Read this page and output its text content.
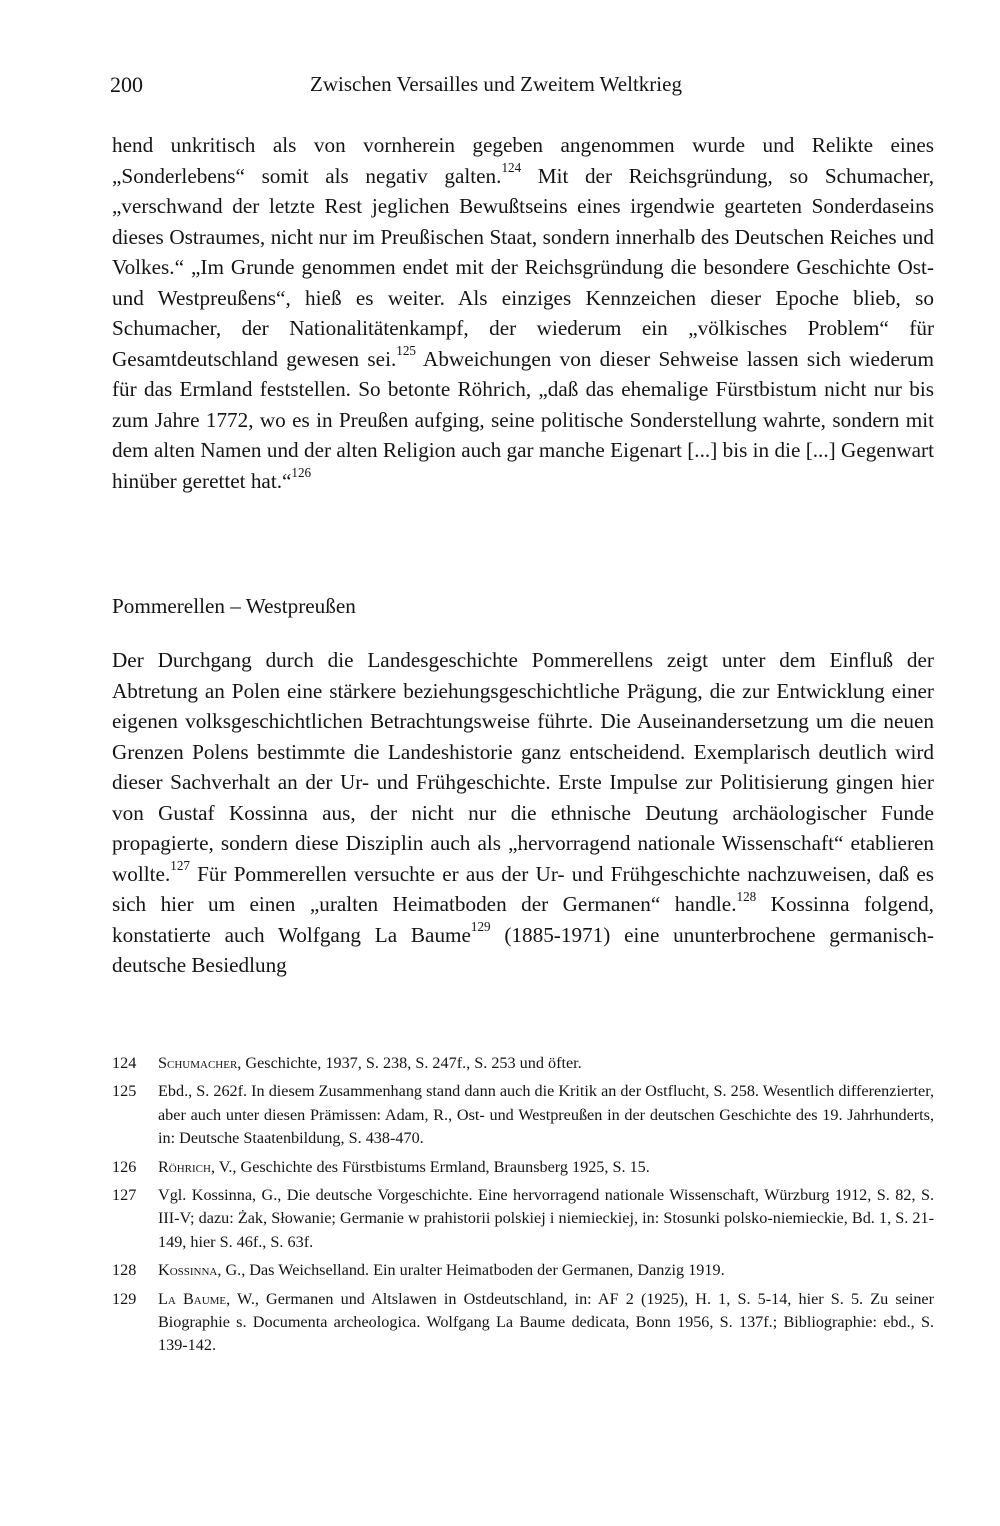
200	Zwischen Versailles und Zweitem Weltkrieg

hend unkritisch als von vornherein gegeben angenommen wurde und Relikte eines „Sonderlebens“ somit als negativ galten.$^{124}$ Mit der Reichsgründung, so Schumacher, „verschwand der letzte Rest jeglichen Bewußtseins eines irgendwie gearteten Sonderdaseins dieses Ostraumes, nicht nur im Preußischen Staat, sondern innerhalb des Deutschen Reiches und Volkes.“ „Im Grunde genommen endet mit der Reichsgründung die besondere Geschichte Ost- und Westpreußens“, hieß es weiter. Als einziges Kennzeichen dieser Epoche blieb, so Schumacher, der Nationalitätenkampf, der wiederum ein „völkisches Problem“ für Gesamtdeutschland gewesen sei.$^{125}$ Abweichungen von dieser Sehweise lassen sich wiederum für das Ermland feststellen. So betonte Röhrich, „daß das ehemalige Fürstbistum nicht nur bis zum Jahre 1772, wo es in Preußen aufging, seine politische Sonderstellung wahrte, sondern mit dem alten Namen und der alten Religion auch gar manche Eigenart [...] bis in die [...] Gegenwart hinüber gerettet hat.“$^{126}$

Pommerellen – Westpreußen

Der Durchgang durch die Landesgeschichte Pommerellens zeigt unter dem Einfluß der Abtretung an Polen eine stärkere beziehungsgeschichtliche Prägung, die zur Entwicklung einer eigenen volksgeschichtlichen Betrachtungsweise führte. Die Auseinandersetzung um die neuen Grenzen Polens bestimmte die Landeshistorie ganz entscheidend. Exemplarisch deutlich wird dieser Sachverhalt an der Ur- und Frühgeschichte. Erste Impulse zur Politisierung gingen hier von Gustaf Kossinna aus, der nicht nur die ethnische Deutung archäologischer Funde propagierte, sondern diese Disziplin auch als „hervorragend nationale Wissenschaft“ etablieren wollte.$^{127}$ Für Pommerellen versuchte er aus der Ur- und Frühgeschichte nachzuweisen, daß es sich hier um einen „uralten Heimatboden der Germanen“ handle.$^{128}$ Kossinna folgend, konstatierte auch Wolfgang La Baume$^{129}$ (1885-1971) eine ununterbrochene germanisch-deutsche Besiedlung

124 Schumacher, Geschichte, 1937, S. 238, S. 247f., S. 253 und öfter.
125 Ebd., S. 262f. In diesem Zusammenhang stand dann auch die Kritik an der Ostflucht, S. 258. Wesentlich differenzierter, aber auch unter diesen Prämissen: Adam, R., Ost- und Westpreußen in der deutschen Geschichte des 19. Jahrhunderts, in: Deutsche Staatenbildung, S. 438-470.
126 Röhrich, V., Geschichte des Fürstbistums Ermland, Braunsberg 1925, S. 15.
127 Vgl. Kossinna, G., Die deutsche Vorgeschichte. Eine hervorragend nationale Wissenschaft, Würzburg 1912, S. 82, S. III-V; dazu: Żak, Słowanie; Germanie w prahistorii polskiej i niemieckiej, in: Stosunki polsko-niemieckie, Bd. 1, S. 21-149, hier S. 46f., S. 63f.
128 Kossinna, G., Das Weichselland. Ein uralter Heimatboden der Germanen, Danzig 1919.
129 La Baume, W., Germanen und Altslawen in Ostdeutschland, in: AF 2 (1925), H. 1, S. 5-14, hier S. 5. Zu seiner Biographie s. Documenta archeologica. Wolfgang La Baume dedicata, Bonn 1956, S. 137f.; Bibliographie: ebd., S. 139-142.
